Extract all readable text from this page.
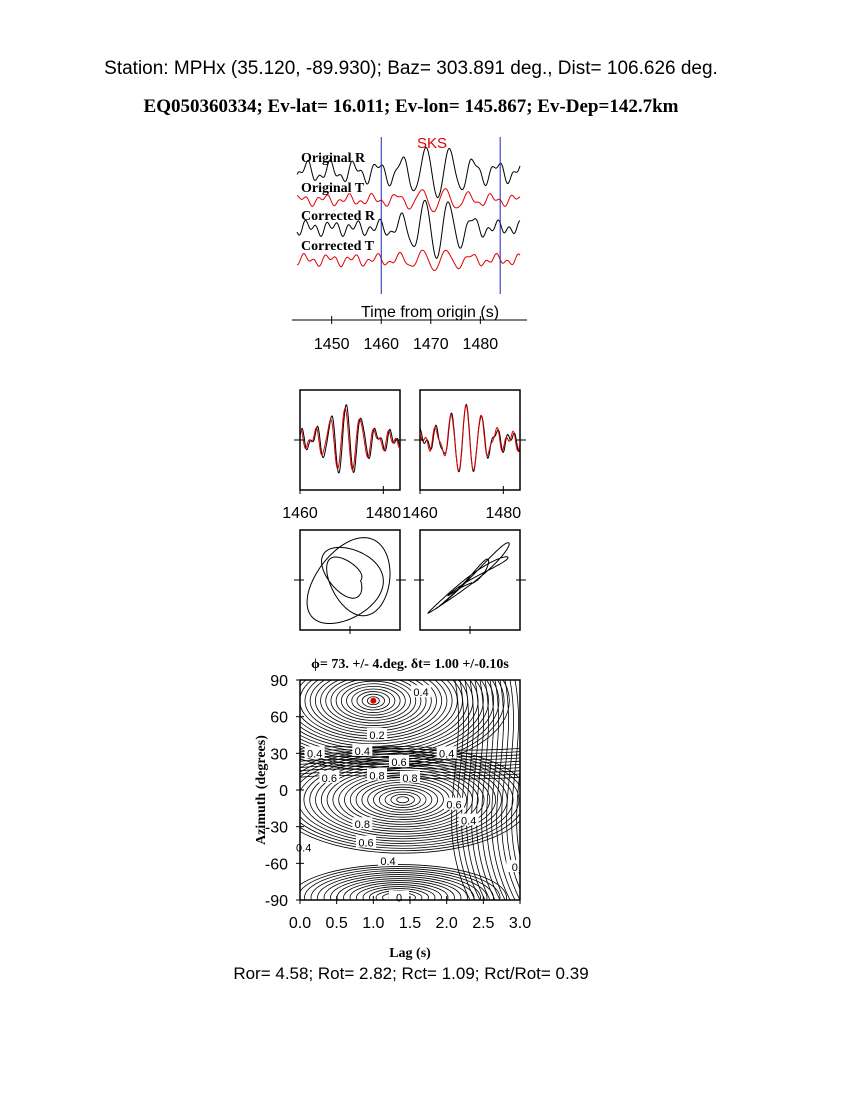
Station: MPHx (35.120, -89.930); Baz= 303.891 deg., Dist= 106.626 deg.
EQ050360334; Ev-lat= 16.011; Ev-lon= 145.867; Ev-Dep=142.7km
Original R
Original T
Corrected R
Corrected T
SKS
Time from origin (s)
1450 1460 1470 1480
1460	1480 1460	1480
ϕ= 73. +/- 4.deg. δt= 1.00 +/-0.10s
0.4
0.2
0.4	0.4
0.6
0.4
0.6	0.8 0.8
0.6
0.4
0.8
0.6
0.4
0.4
0.
0
0.0 0.5 1.0 1.5 2.0 2.5 3.0
90
60
30
0
-30
-60
-90
Lag (s)
Azimuth (degrees)
Ror= 4.58; Rot= 2.82; Rct= 1.09; Rct/Rot= 0.39
